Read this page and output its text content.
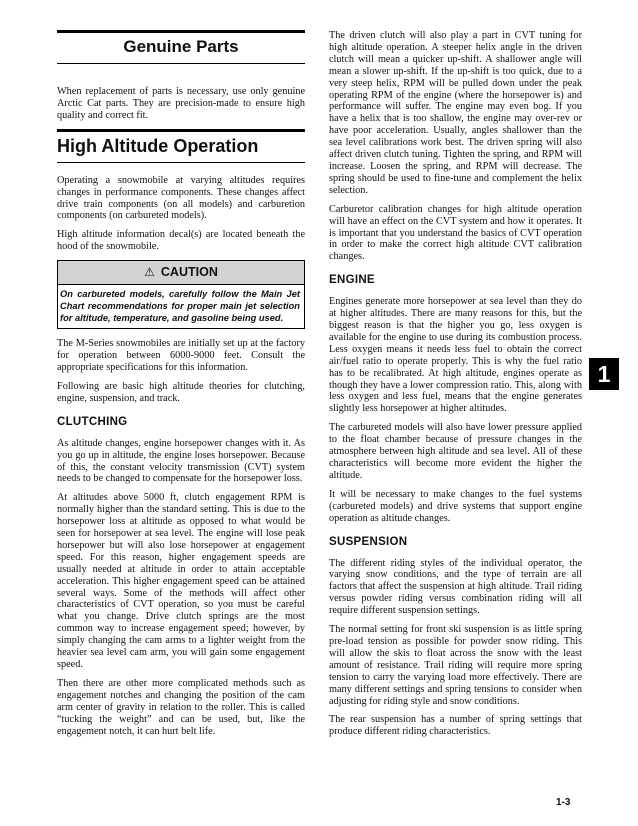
Genuine Parts

When replacement of parts is necessary, use only genuine Arctic Cat parts. They are precision-made to ensure high quality and correct fit.

High Altitude Operation

Operating a snowmobile at varying altitudes requires changes in performance components. These changes affect drive train components (on all models) and carburetion components (on carbureted models).

High altitude information decal(s) are located beneath the hood of the snowmobile.

⚠ CAUTION
On carbureted models, carefully follow the Main Jet Chart recommendations for proper main jet selection for altitude, temperature, and gasoline being used.

The M-Series snowmobiles are initially set up at the factory for operation between 6000-9000 feet. Consult the appropriate specifications for this information.

Following are basic high altitude theories for clutching, engine, suspension, and track.

CLUTCHING

As altitude changes, engine horsepower changes with it. As you go up in altitude, the engine loses horsepower. Because of this, the constant velocity transmission (CVT) system needs to be changed to compensate for the horsepower loss.

At altitudes above 5000 ft, clutch engagement RPM is normally higher than the standard setting. This is due to the horsepower loss at altitude as opposed to what would be seen for horsepower at sea level. The engine will lose peak horsepower but will also lose horsepower at engagement speed. For this reason, higher engagement speeds are usually needed at altitude in order to attain acceptable acceleration. This higher engagement speed can be attained several ways. Some of the methods will affect other characteristics of CVT operation, so you must be careful what you change. Drive clutch springs are the most common way to increase engagement speed; however, by simply changing the cam arms to a lighter weight from the heavier sea level cam arm, you will gain some engagement speed.

Then there are other more complicated methods such as engagement notches and changing the position of the cam arm center of gravity in relation to the roller. This is called “tucking the weight” and can be used, but, like the engagement notch, it can hurt belt life.

The driven clutch will also play a part in CVT tuning for high altitude operation. A steeper helix angle in the driven clutch will mean a quicker up-shift. A shallower angle will mean a slower up-shift. If the up-shift is too quick, due to a very steep helix, RPM will be pulled down under the peak operating RPM of the engine (where the horsepower is) and performance will suffer. The engine may even bog. If you have a helix that is too shallow, the engine may over-rev or have poor acceleration. Usually, angles shallower than the sea level calibrations work best. The driven spring will also affect driven clutch tuning. Tighten the spring, and RPM will increase. Loosen the spring, and RPM will decrease. The spring should be used to fine-tune and complement the helix selection.

Carburetor calibration changes for high altitude operation will have an effect on the CVT system and how it operates. It is important that you understand the basics of CVT operation in order to make the correct high altitude CVT calibration changes.

ENGINE

Engines generate more horsepower at sea level than they do at higher altitudes. There are many reasons for this, but the biggest reason is that the higher you go, less oxygen is available for the engine to use during its combustion process. Less oxygen means it needs less fuel to obtain the correct air/fuel ratio to operate properly. This is why the fuel ratio has to be recalibrated. At high altitude, engines operate as though they have a lower compression ratio. This, along with less oxygen and less fuel, means that the engine generates slightly less horsepower at higher altitudes.

The carbureted models will also have lower pressure applied to the float chamber because of pressure changes in the atmosphere between high altitude and sea level. All of these characteristics will become more evident the higher the altitude.

It will be necessary to make changes to the fuel systems (carbureted models) and drive systems that support engine operation as altitude changes.

SUSPENSION

The different riding styles of the individual operator, the varying snow conditions, and the type of terrain are all factors that affect the suspension at high altitude. Trail riding versus powder riding versus combination riding will all require different suspension settings.

The normal setting for front ski suspension is as little spring pre-load tension as possible for powder snow riding. This will allow the skis to float across the snow with the least amount of resistance. Trail riding will require more spring tension to carry the varying load more effectively. There are many different settings and spring tensions to consider when adjusting for riding style and snow conditions.

The rear suspension has a number of spring settings that produce different riding characteristics.

1
1-3
